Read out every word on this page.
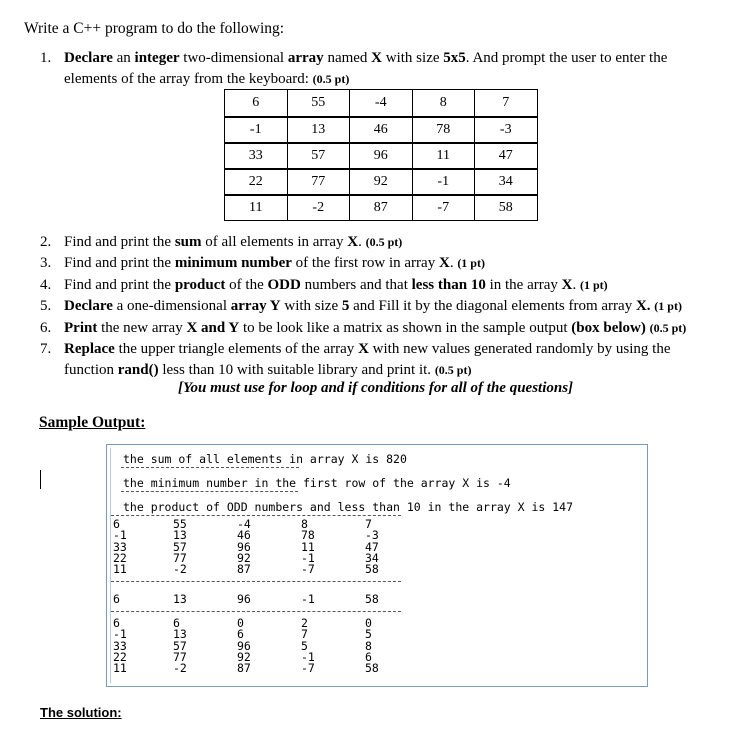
Write a C++ program to do the following:
1. Declare an integer two-dimensional array named X with size 5x5. And prompt the user to enter the
elements of the array from the keyboard: (0.5 pt)
2. Find and print the sum of all elements in array X. (0.5 pt)
3. Find and print the minimum number of the first row in array X. (1 pt)
4. Find and print the product of the ODD numbers and that less than 10 in the array X. (1 pt)
5. Declare a one-dimensional array Y with size 5 and Fill it by the diagonal elements from array X. (1 pt)
6. Print the new array X and Y to be look like a matrix as shown in the sample output (box below) (0.5 pt)
7. Replace the upper triangle elements of the array X with new values generated randomly by using the
function rand() less than 10 with suitable library and print it. (0.5 pt)
6	55	-4	8	7
-1	13	46	78	-3
33	57	96	11	47
22	77	92	-1	34
11	-2	87	-7	58
[You must use for loop and if conditions for all of the questions]
Sample Output:
the sum of all elements in array X is 820
the minimum number in the first row of the array X is -4
the product of ODD numbers and less than 10 in the array X is 147
6	55	-4	8	7
-1	13	46	78	-3
33	57	96	11	47
22	77	92	-1	34
11	-2	87	-7	58
6	13	96	-1	58
6	6	0	2	0
-1	13	6	7	5
33	57	96	5	8
22	77	92	-1	6
11	-2	87	-7	58
The solution:
